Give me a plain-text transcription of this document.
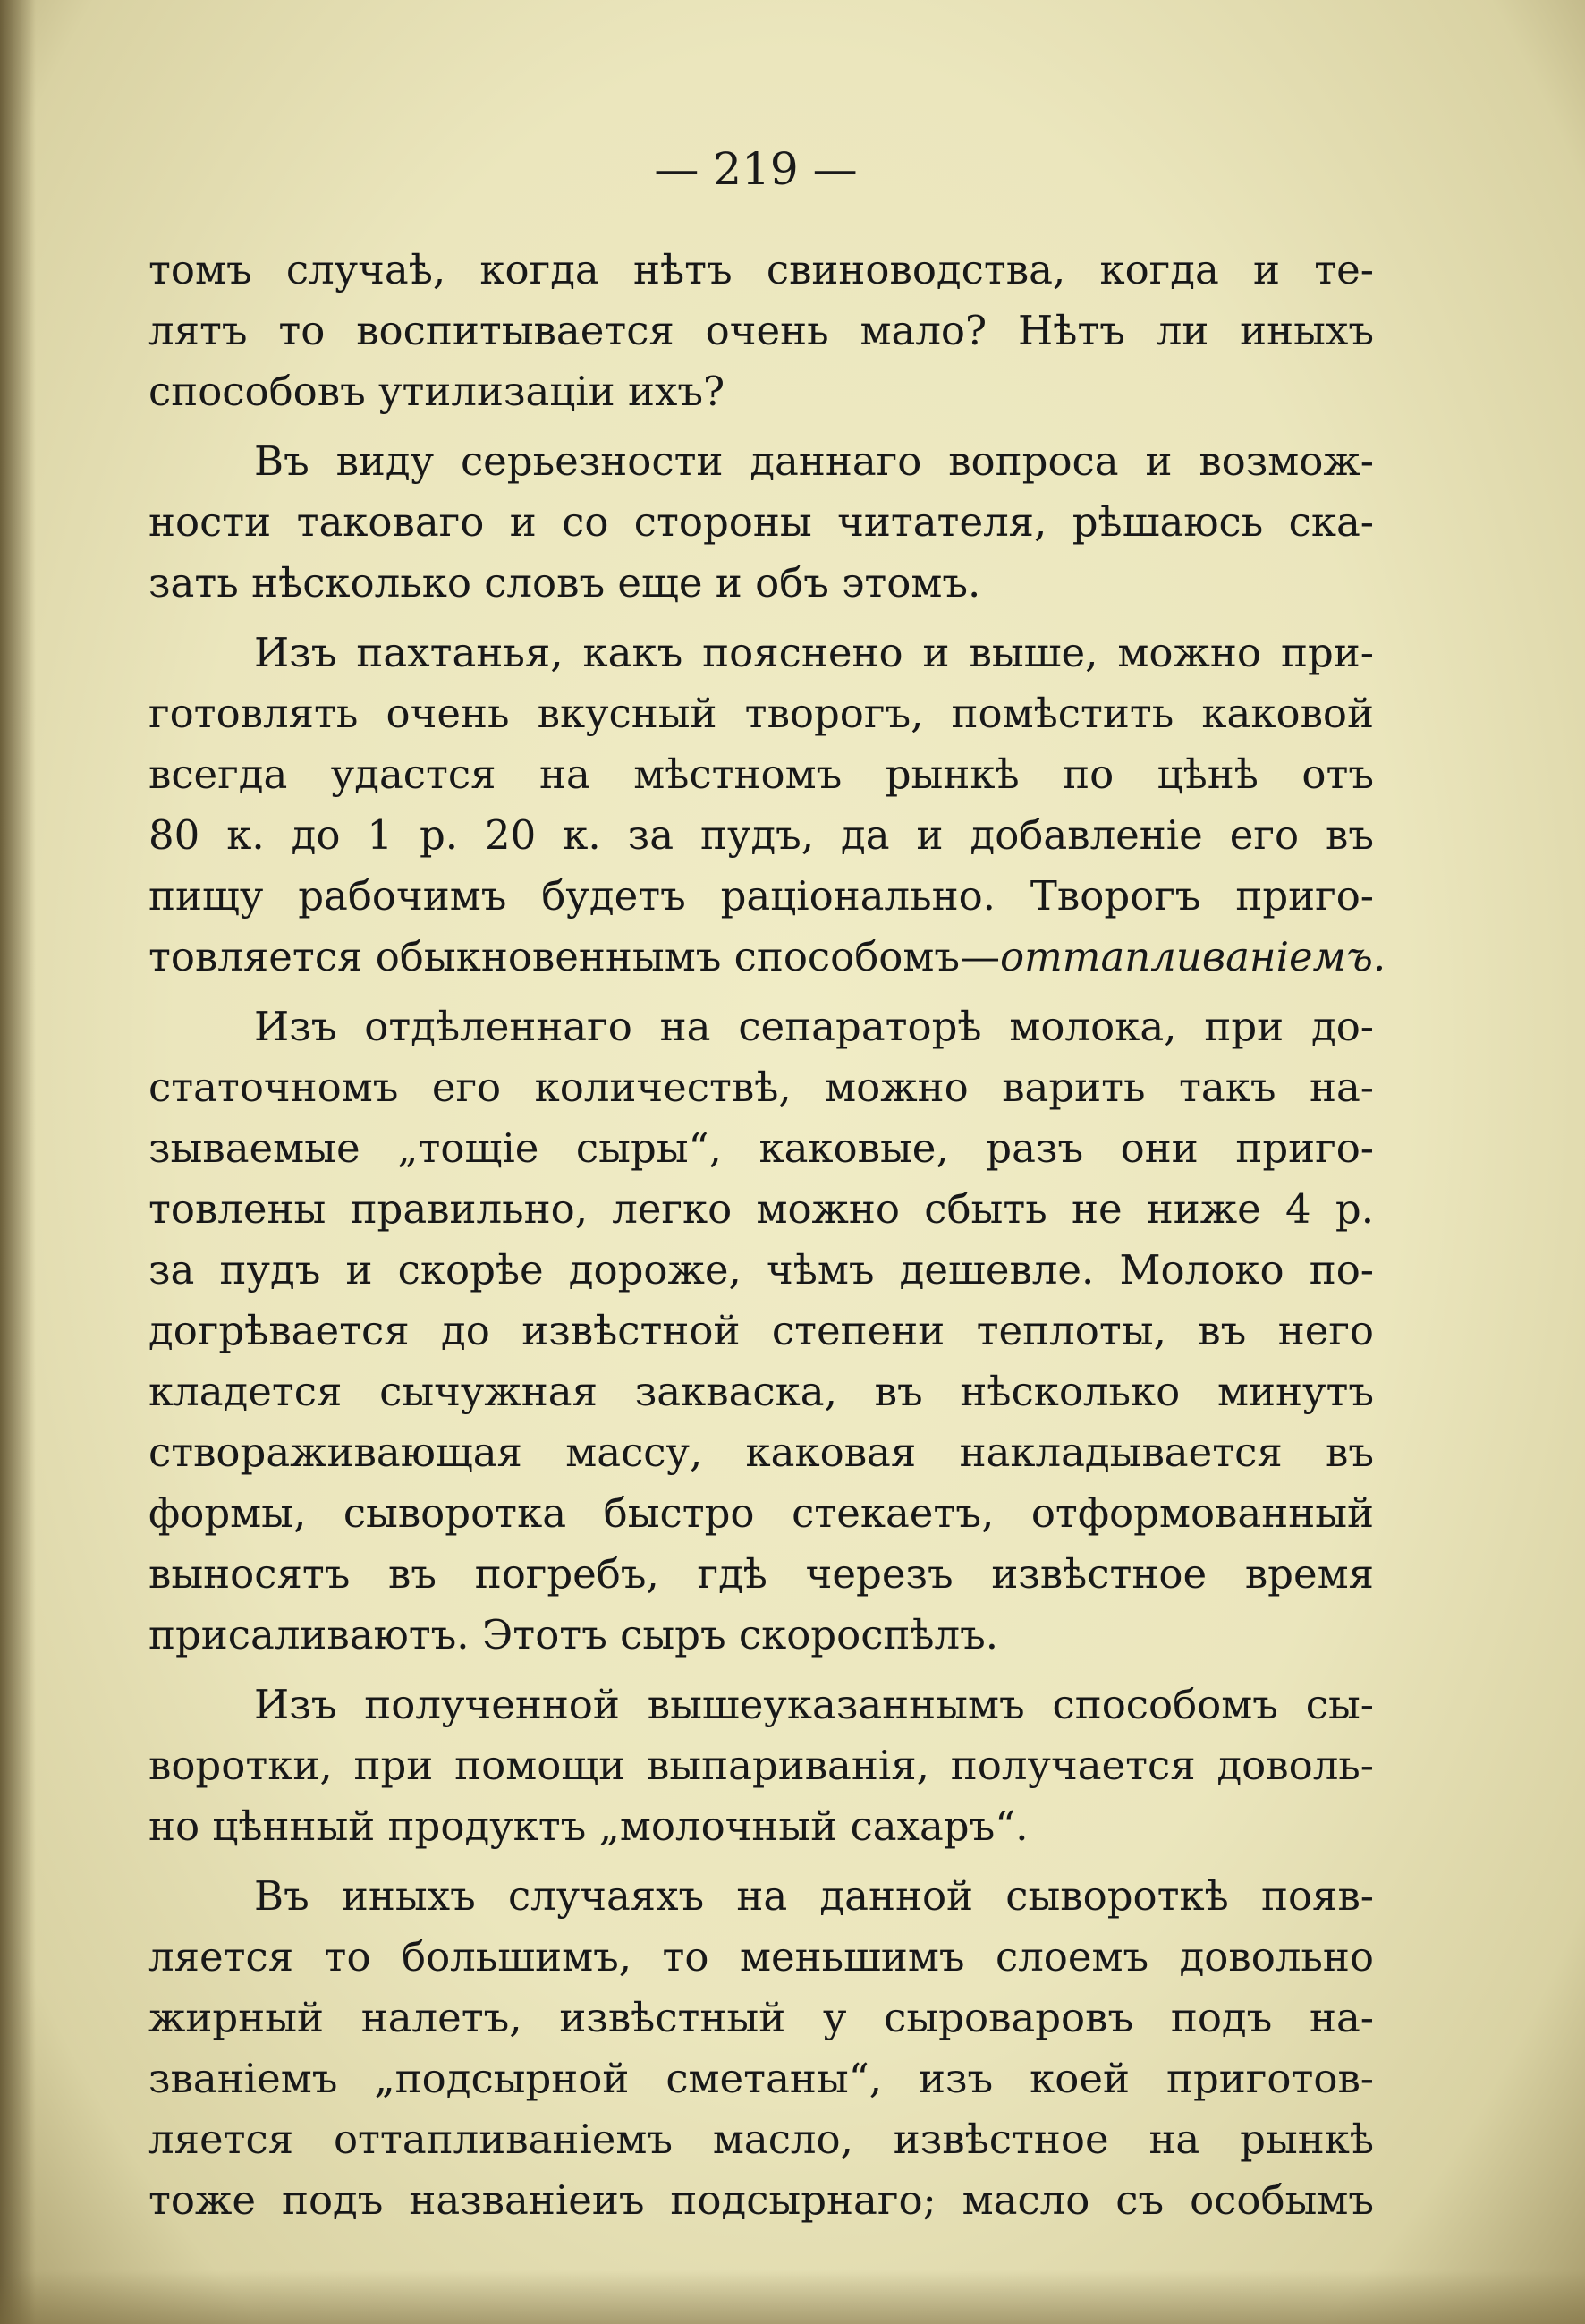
— 219 —
томъ случаѣ, когда нѣтъ свиноводства, когда и те-
лятъ то воспитывается очень мало? Нѣтъ ли иныхъ
способовъ утилизаціи ихъ?
Въ виду серьезности даннаго вопроса и возмож-
ности таковаго и со стороны читателя, рѣшаюсь ска-
зать нѣсколько словъ еще и объ этомъ.
Изъ пахтанья, какъ пояснено и выше, можно при-
готовлять очень вкусный творогъ, помѣстить каковой
всегда удастся на мѣстномъ рынкѣ по цѣнѣ отъ
80 к. до 1 р. 20 к. за пудъ, да и добавленіе его въ
пищу рабочимъ будетъ раціонально. Творогъ приго-
товляется обыкновеннымъ способомъ—оттапливаніемъ.
Изъ отдѣленнаго на сепараторѣ молока, при до-
статочномъ его количествѣ, можно варить такъ на-
зываемые „тощіе сыры“, каковые, разъ они приго-
товлены правильно, легко можно сбыть не ниже 4 р.
за пудъ и скорѣе дороже, чѣмъ дешевле. Молоко по-
догрѣвается до извѣстной степени теплоты, въ него
кладется сычужная закваска, въ нѣсколько минутъ
створаживающая массу, каковая накладывается въ
формы, сыворотка быстро стекаетъ, отформованный
выносятъ въ погребъ, гдѣ черезъ извѣстное время
присаливаютъ. Этотъ сыръ скороспѣлъ.
Изъ полученной вышеуказаннымъ способомъ сы-
воротки, при помощи выпариванія, получается доволь-
но цѣнный продуктъ „молочный сахаръ“.
Въ иныхъ случаяхъ на данной сывороткѣ появ-
ляется то большимъ, то меньшимъ слоемъ довольно
жирный налетъ, извѣстный у сыроваровъ подъ на-
званіемъ „подсырной сметаны“, изъ коей приготов-
ляется оттапливаніемъ масло, извѣстное на рынкѣ
тоже подъ названіеиъ подсырнаго; масло съ особымъ
